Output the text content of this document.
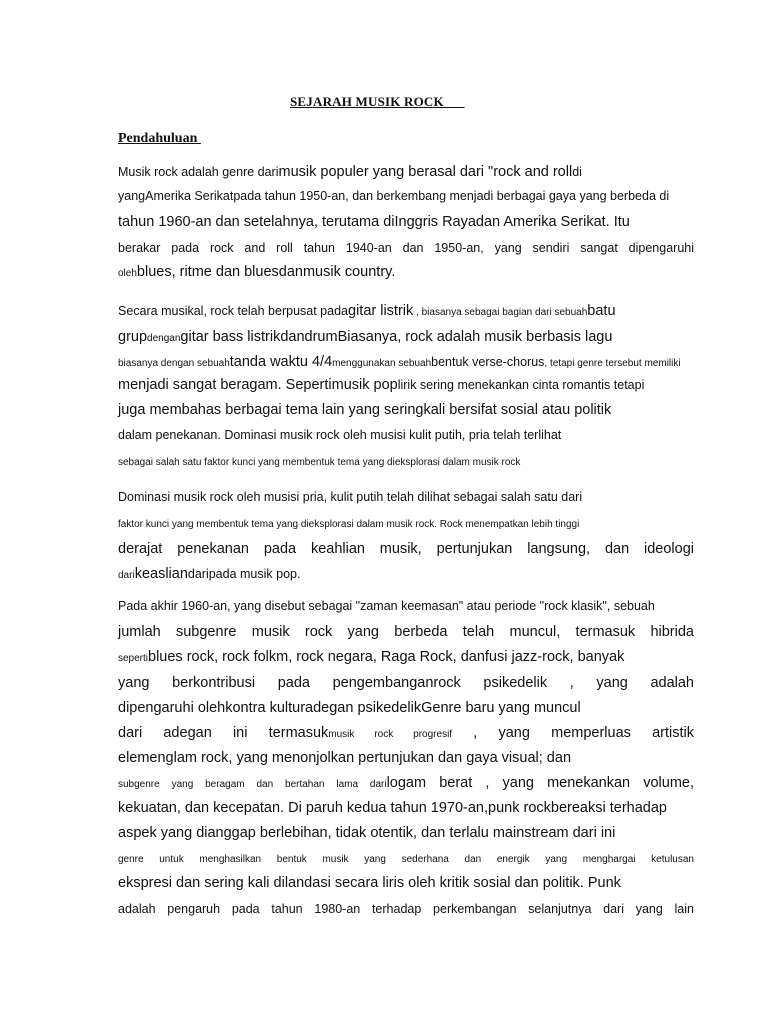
SEJARAH MUSIK ROCK
Pendahuluan
Musik rock adalah genre darimusik populer yang berasal dari "rock and rolldi
yangAmerika Serikatpada tahun 1950-an, dan berkembang menjadi berbagai gaya yang berbeda di
tahun 1960-an dan setelahnya, terutama diInggris Rayadan Amerika Serikat. Itu
berakar pada rock and roll tahun 1940-an dan 1950-an, yang sendiri sangat dipengaruhi
olehblues, ritme dan bluesdanmusik country.
Secara musikal, rock telah berpusat padagitar listrik , biasanya sebagai bagian dari sebuahbatu
grupdengangitar bass listrikdandrumBiasanya, rock adalah musik berbasis lagu
biasanya dengan sebuahtanda waktu 4/4menggunakan sebuahbentuk verse-chorus, tetapi genre tersebut memiliki
menjadi sangat beragam. Sepertimusik poplirik sering menekankan cinta romantis tetapi
juga membahas berbagai tema lain yang seringkali bersifat sosial atau politik
dalam penekanan. Dominasi musik rock oleh musisi kulit putih, pria telah terlihat
sebagai salah satu faktor kunci yang membentuk tema yang dieksplorasi dalam musik rock
Dominasi musik rock oleh musisi pria, kulit putih telah dilihat sebagai salah satu dari
faktor kunci yang membentuk tema yang dieksplorasi dalam musik rock. Rock menempatkan lebih tinggi
derajat penekanan pada keahlian musik, pertunjukan langsung, dan ideologi
darikeasliandaripada musik pop.
Pada akhir 1960-an, yang disebut sebagai "zaman keemasan" atau periode "rock klasik", sebuah
jumlah subgenre musik rock yang berbeda telah muncul, termasuk hibrida
sepertiblues rock, rock folkm, rock negara, Raga Rock, danfusi jazz-rock, banyak
yang berkontribusi pada pengembanganrock psikedelik , yang adalah
dipengaruhi olehkontra kulturadegan psikedelikGenre baru yang muncul
dari adegan ini termasukmusik rock progresif , yang memperluas artistik
elemenglam rock, yang menonjolkan pertunjukan dan gaya visual; dan
subgenre yang beragam dan bertahan lama darilogam berat , yang menekankan volume,
kekuatan, dan kecepatan. Di paruh kedua tahun 1970-an,punk rockbereaksi terhadap
aspek yang dianggap berlebihan, tidak otentik, dan terlalu mainstream dari ini
genre untuk menghasilkan bentuk musik yang sederhana dan energik yang menghargai ketulusan
ekspresi dan sering kali dilandasi secara liris oleh kritik sosial dan politik. Punk
adalah pengaruh pada tahun 1980-an terhadap perkembangan selanjutnya dari yang lain
